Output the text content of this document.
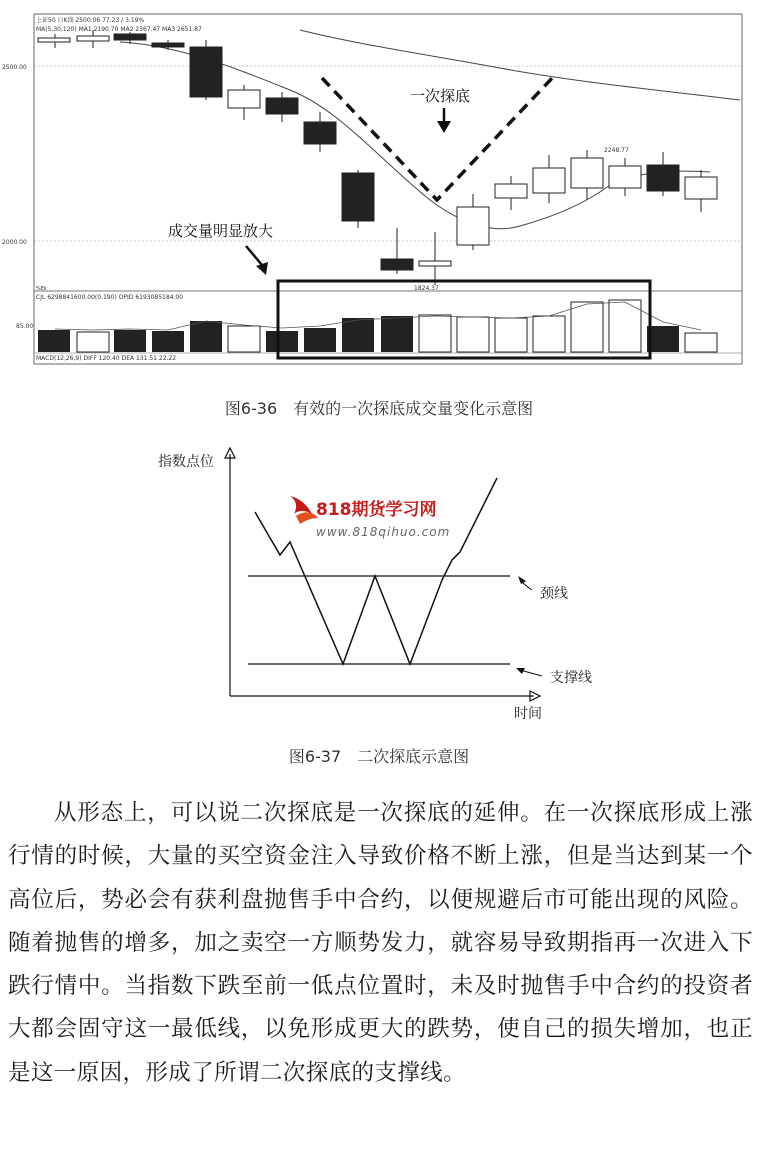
上证50 日K线 2500.06 77.23 / 3.19%
MA(5,30,120) MA1 2190.70 MA2 2367.47 MA3 2651.87
2500.00
2000.00
2248.77
1824.37
%Ek
CJL 6298841600.00(0.190) OPID 6193085184.00
85.00
MACD(12,26,9) DIFF 120.40 DEA 131.51 22.22
一次探底
成交量明显放大
图6-36　有效的一次探底成交量变化示意图
指数点位
时间
颈线
支撑线
818期货学习网
www.818qihuo.com
图6-37　二次探底示意图

从形态上，可以说二次探底是一次探底的延伸。在一次探底形成上涨行情的时候，大量的买空资金注入导致价格不断上涨，但是当达到某一个高位后，势必会有获利盘抛售手中合约，以便规避后市可能出现的风险。随着抛售的增多，加之卖空一方顺势发力，就容易导致期指再一次进入下跌行情中。当指数下跌至前一低点位置时，未及时抛售手中合约的投资者大都会固守这一最低线，以免形成更大的跌势，使自己的损失增加，也正是这一原因，形成了所谓二次探底的支撑线。
